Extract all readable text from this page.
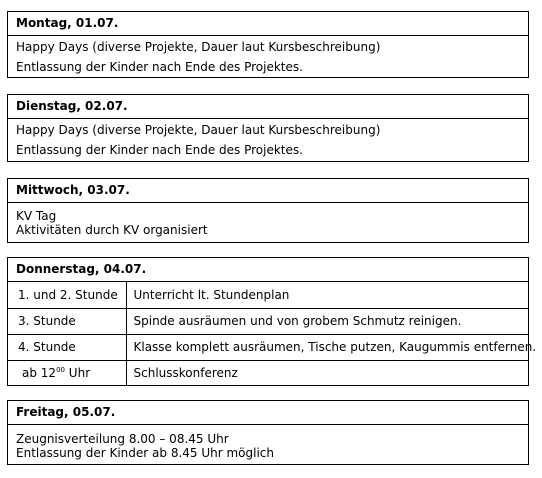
Montag, 01.07.
Happy Days (diverse Projekte, Dauer laut Kursbeschreibung)
Entlassung der Kinder nach Ende des Projektes.
Dienstag, 02.07.
Happy Days (diverse Projekte, Dauer laut Kursbeschreibung)
Entlassung der Kinder nach Ende des Projektes.
Mittwoch, 03.07.
KV Tag
Aktivitäten durch KV organisiert
Donnerstag, 04.07.
1. und 2. Stunde	Unterricht lt. Stundenplan
3. Stunde	Spinde ausräumen und von grobem Schmutz reinigen.
4. Stunde	Klasse komplett ausräumen, Tische putzen, Kaugummis entfernen.
ab $12^{00}$ Uhr	Schlusskonferenz
Freitag, 05.07.
Zeugnisverteilung 8.00 – 08.45 Uhr
Entlassung der Kinder ab 8.45 Uhr möglich
